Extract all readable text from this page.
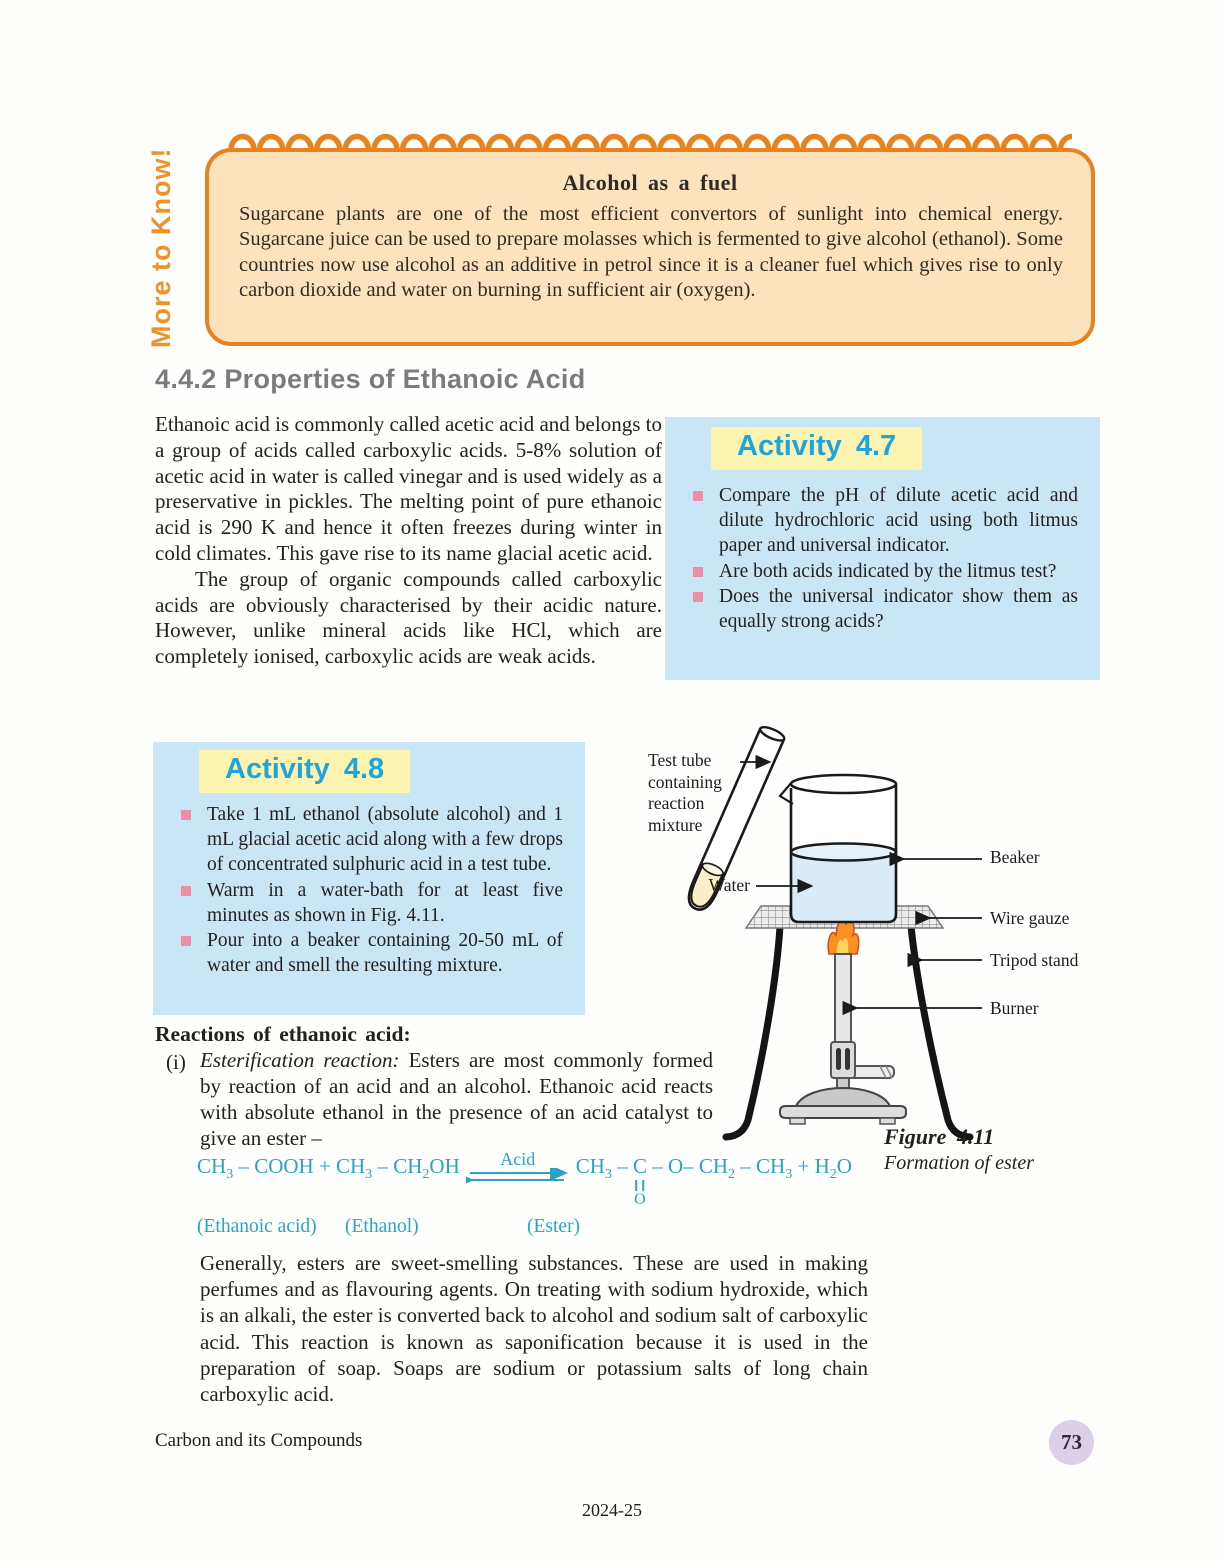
More to Know!	Alcohol as a fuel
Sugarcane plants are one of the most efficient convertors of sunlight into chemical energy. Sugarcane juice can be used to prepare molasses which is fermented to give alcohol (ethanol). Some countries now use alcohol as an additive in petrol since it is a cleaner fuel which gives rise to only carbon dioxide and water on burning in sufficient air (oxygen).
4.4.2 Properties of Ethanoic Acid

Ethanoic acid is commonly called acetic acid and belongs to a group of acids called carboxylic acids. 5-8% solution of acetic acid in water is called vinegar and is used widely as a preservative in pickles. The melting point of pure ethanoic acid is 290 K and hence it often freezes during winter in cold climates. This gave rise to its name glacial acetic acid.

The group of organic compounds called carboxylic acids are obviously characterised by their acidic nature. However, unlike mineral acids like HCl, which are completely ionised, carboxylic acids are weak acids.

Activity 4.7
Compare the pH of dilute acetic acid and dilute hydrochloric acid using both litmus paper and universal indicator.
Are both acids indicated by the litmus test?
Does the universal indicator show them as equally strong acids?
Activity 4.8
Take 1 mL ethanol (absolute alcohol) and 1 mL glacial acetic acid along with a few drops of concentrated sulphuric acid in a test tube.
Warm in a water-bath for at least five minutes as shown in Fig. 4.11.
Pour into a beaker containing 20-50 mL of water and smell the resulting mixture.
Test tube containing reaction mixture
Water
Beaker
Wire gauze
Tripod stand
Burner
Figure 4.11
Formation of ester
Reactions of ethanoic acid:
(i) Esterification reaction: Esters are most commonly formed by reaction of an acid and an alcohol. Ethanoic acid reacts with absolute ethanol in the presence of an acid catalyst to give an ester –
$CH_3$ – COOH + $CH_3 - CH_2OH$ Acid $CH_3$ – C
O
– O– $CH_2 - CH_3 + H_2O$
(Ethanoic acid) (Ethanol)	(Ester)
Generally, esters are sweet-smelling substances. These are used in making perfumes and as flavouring agents. On treating with sodium hydroxide, which is an alkali, the ester is converted back to alcohol and sodium salt of carboxylic acid. This reaction is known as saponification because it is used in the preparation of soap. Soaps are sodium or potassium salts of long chain carboxylic acid.
Carbon and its Compounds	73
2024-25
